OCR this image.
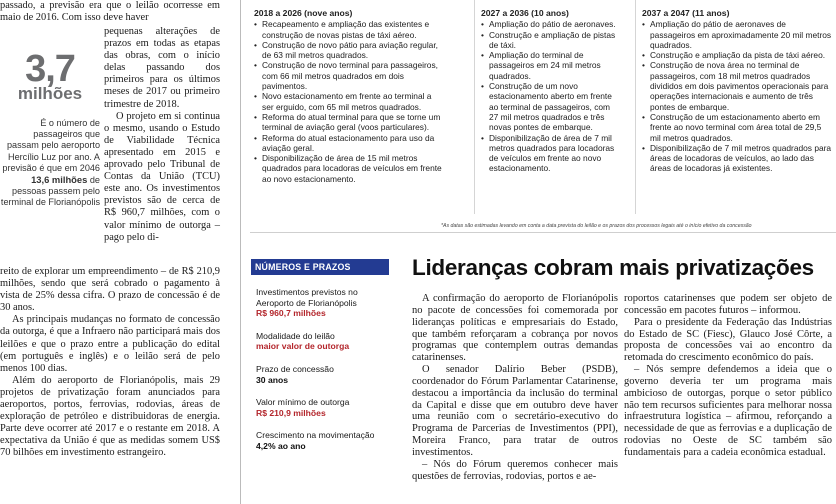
passado, a previsão era que o leilão ocorresse em maio de 2016. Com isso deve haver

3,7
milhões
É o número de passageiros que passam pelo aeroporto Hercílio Luz por ano. A previsão é que em 2046 13,6 milhões de pessoas passem pelo terminal de Florianópolis

pequenas alterações de prazos em todas as etapas das obras, com o início delas passando dos primeiros para os últimos meses de 2017 ou primeiro trimestre de 2018.

O projeto em si continua o mesmo, usando o Estudo de Viabilidade Técnica apresentado em 2015 e aprovado pelo Tribunal de Contas da União (TCU) este ano. Os investimentos previstos são de cerca de R$ 960,7 milhões, com o valor mínimo de outorga – pago pelo di-

reito de explorar um empreendimento – de R$ 210,9 milhões, sendo que será cobrado o pagamento à vista de 25% dessa cifra. O prazo de concessão é de 30 anos.

As principais mudanças no formato de concessão da outorga, é que a Infraero não participará mais dos leilões e que o prazo entre a publicação do edital (em português e inglês) e o leilão será de pelo menos 100 dias.

Além do aeroporto de Florianópolis, mais 29 projetos de privatização foram anunciados para aeroportos, portos, ferrovias, rodovias, áreas de exploração de petróleo e distribuidoras de energia. Parte deve ocorrer até 2017 e o restante em 2018. A expectativa da União é que as medidas somem US$ 70 bilhões em investimento estrangeiro.

2018 a 2026 (nove anos)

• Recapeamento e ampliação das existentes e construção de novas pistas de táxi aéreo.

• Construção de novo pátio para aviação regular, de 63 mil metros quadrados.

• Construção de novo terminal para passageiros, com 66 mil metros quadrados em dois pavimentos.

• Novo estacionamento em frente ao terminal a ser erguido, com 65 mil metros quadrados.

• Reforma do atual terminal para que se torne um terminal de aviação geral (voos particulares).

• Reforma do atual estacionamento para uso da aviação geral.

• Disponibilização de área de 15 mil metros quadrados para locadoras de veículos em frente ao novo estacionamento.

2027 a 2036 (10 anos)

• Ampliação do pátio de aeronaves.

• Construção e ampliação de pistas de táxi.

• Ampliação do terminal de passageiros em 24 mil metros quadrados.

• Construção de um novo estacionamento aberto em frente ao terminal de passageiros, com 27 mil metros quadrados e três novas pontes de embarque.

• Disponibilização de área de 7 mil metros quadrados para locadoras de veículos em frente ao novo estacionamento.

2037 a 2047 (11 anos)

• Ampliação do pátio de aeronaves de passageiros em aproximadamente 20 mil metros quadrados.

• Construção e ampliação da pista de táxi aéreo.

• Construção de nova área no terminal de passageiros, com 18 mil metros quadrados divididos em dois pavimentos operacionais para operações internacionais e aumento de três pontes de embarque.

• Construção de um estacionamento aberto em frente ao novo terminal com área total de 29,5 mil metros quadrados.

• Disponibilização de 7 mil metros quadrados para áreas de locadoras de veículos, ao lado das áreas de locadoras já existentes.

*As datas são estimadas levando em conta a data prevista do leilão e os prazos dos processos legais até o início efetivo da concessão
NÚMEROS E PRAZOS
Investimentos previstos no Aeroporto de Florianópolis
R$ 960,7 milhões
Modalidade do leilão
maior valor de outorga
Prazo de concessão
30 anos
Valor mínimo de outorga
R$ 210,9 milhões
Crescimento na movimentação
4,2% ao ano
Lideranças cobram mais privatizações

A confirmação do aeroporto de Florianópolis no pacote de concessões foi comemorada por lideranças políticas e empresariais do Estado, que também reforçaram a cobrança por novos programas que contemplem outras demandas catarinenses.

O senador Dalírio Beber (PSDB), coordenador do Fórum Parlamentar Catarinense, destacou a importância da inclusão do terminal da Capital e disse que em outubro deve haver uma reunião com o secretário-executivo do Programa de Parcerias de Investimentos (PPI), Moreira Franco, para tratar de outros investimentos.

– Nós do Fórum queremos conhecer mais questões de ferrovias, rodovias, portos e ae-

roportos catarinenses que podem ser objeto de concessão em pacotes futuros – informou.

Para o presidente da Federação das Indústrias do Estado de SC (Fiesc), Glauco José Côrte, a proposta de concessões vai ao encontro da retomada do crescimento econômico do país.

– Nós sempre defendemos a ideia que o governo deveria ter um programa mais ambicioso de outorgas, porque o setor público não tem recursos suficientes para melhorar nossa infraestrutura logística – afirmou, reforçando a necessidade de que as ferrovias e a duplicação de rodovias no Oeste de SC também são fundamentais para a cadeia econômica estadual.
